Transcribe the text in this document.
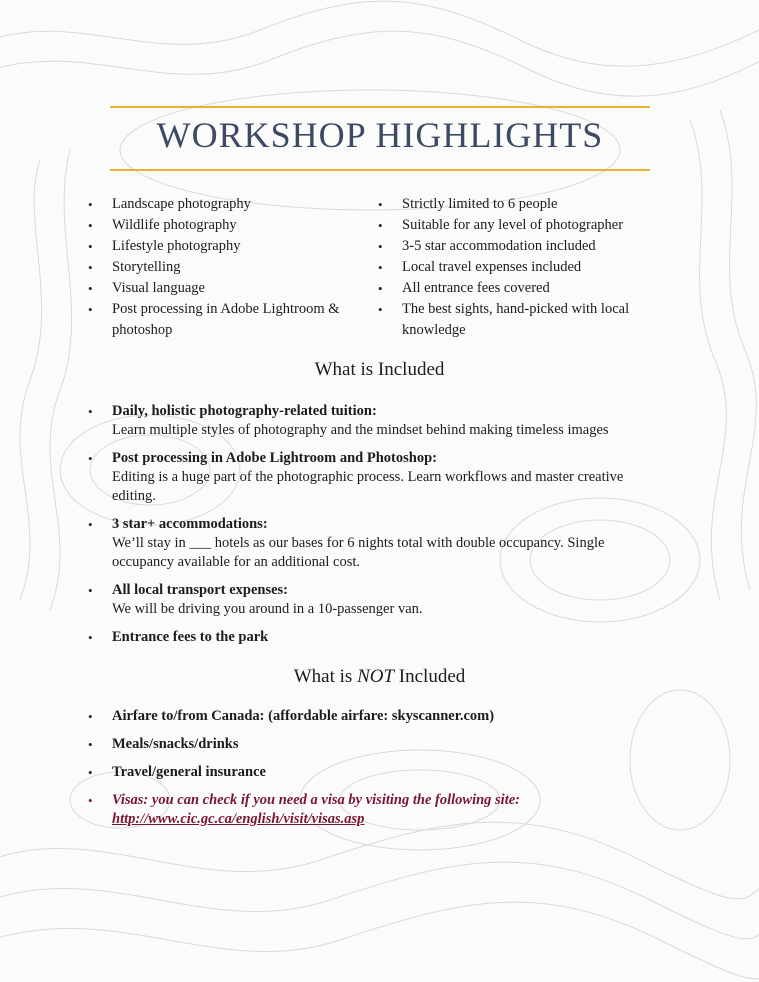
WORKSHOP HIGHLIGHTS
• Landscape photography
• Wildlife photography
• Lifestyle photography
• Storytelling
• Visual language
• Post processing in Adobe Lightroom & photoshop
• Strictly limited to 6 people
• Suitable for any level of photographer
• 3-5 star accommodation included
• Local travel expenses included
• All entrance fees covered
• The best sights, hand-picked with local knowledge
What is Included
• Daily, holistic photography-related tuition:
Learn multiple styles of photography and the mindset behind making timeless images
• Post processing in Adobe Lightroom and Photoshop:
Editing is a huge part of the photographic process. Learn workflows and master creative editing.
• 3 star+ accommodations:
We’ll stay in ___ hotels as our bases for 6 nights total with double occupancy. Single occupancy available for an additional cost.
• All local transport expenses:
We will be driving you around in a 10-passenger van.
• Entrance fees to the park
What is NOT Included
• Airfare to/from Canada: (affordable airfare: skyscanner.com)
• Meals/snacks/drinks
• Travel/general insurance
• Visas: you can check if you need a visa by visiting the following site:
http://www.cic.gc.ca/english/visit/visas.asp
